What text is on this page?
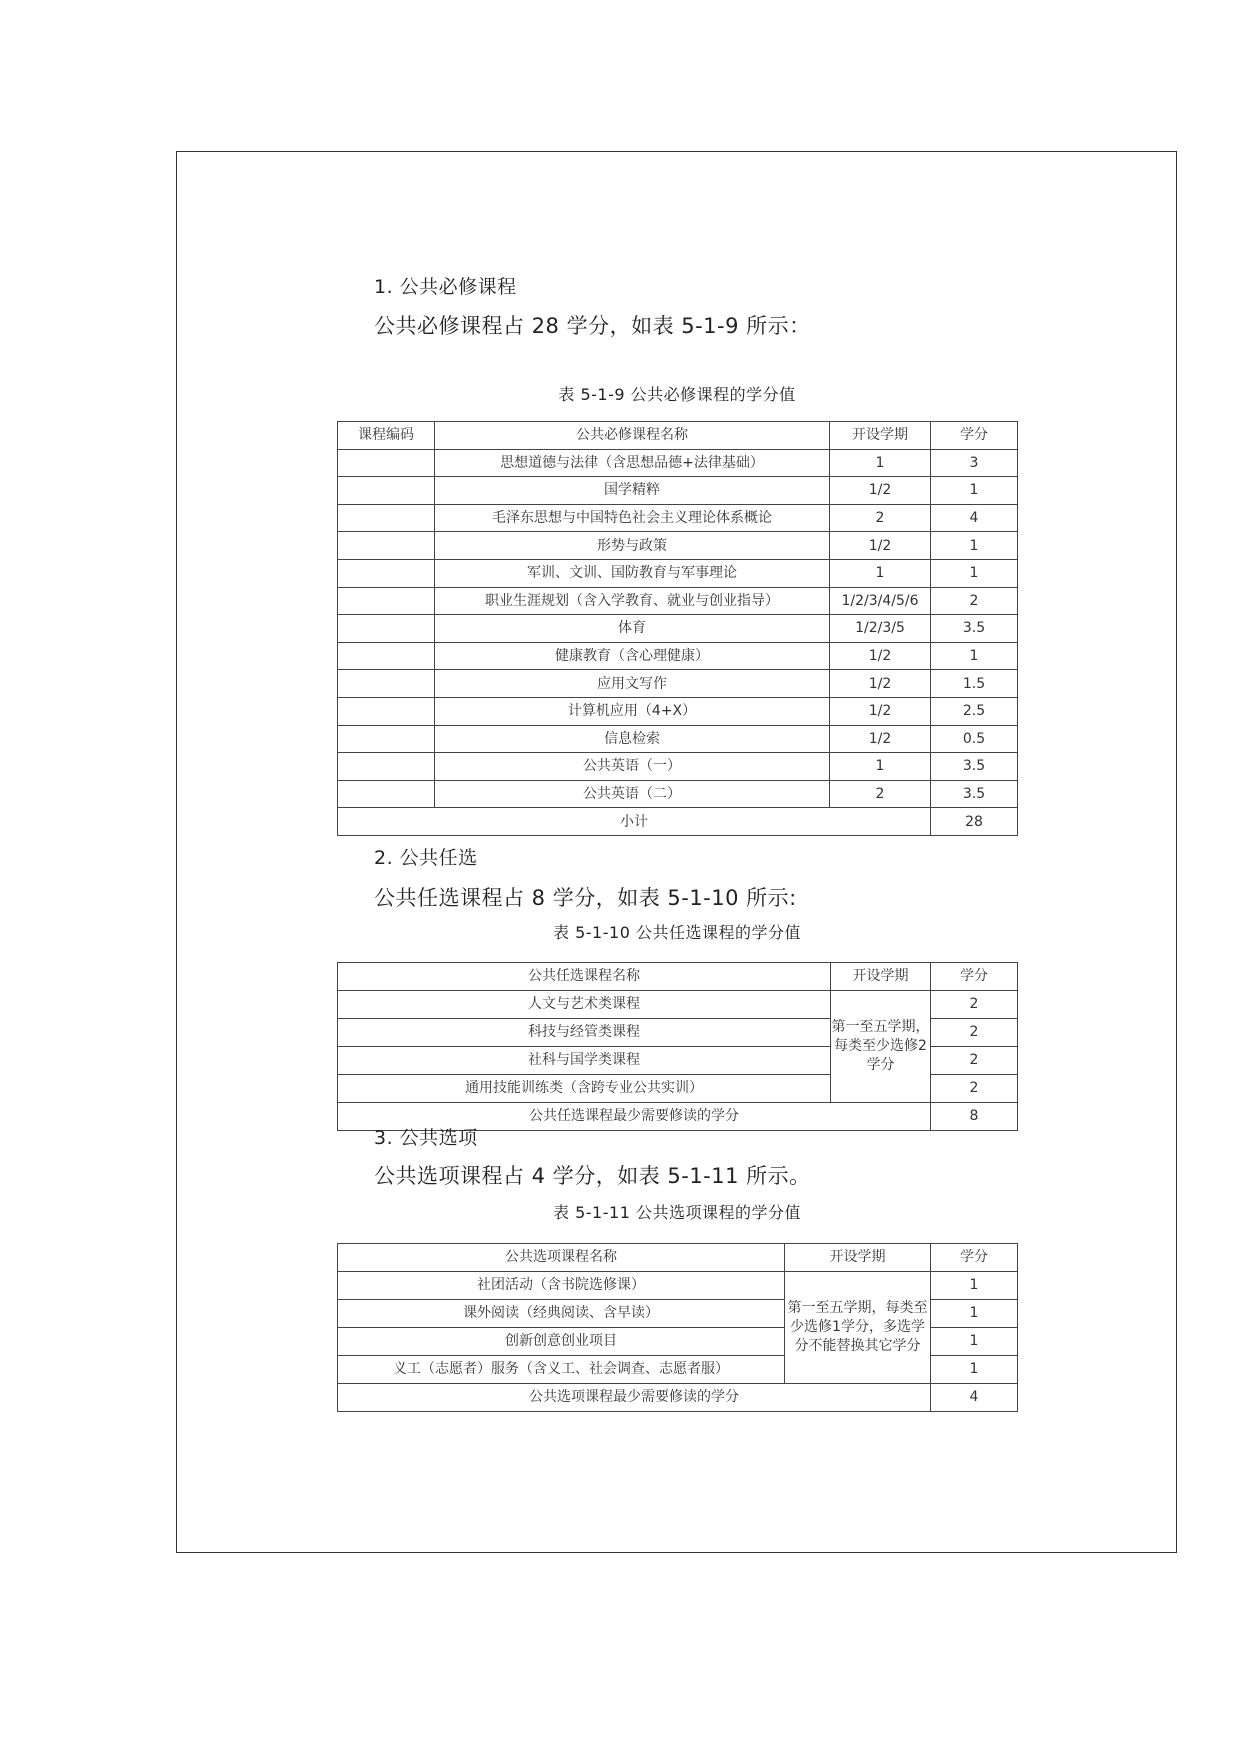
1. 公共必修课程
公共必修课程占 28 学分，如表 5-1-9 所示：
表 5-1-9 公共必修课程的学分值
课程编码	公共必修课程名称	开设学期	学分
	思想道德与法律（含思想品德+法律基础）	1	3
	国学精粹	1/2	1
	毛泽东思想与中国特色社会主义理论体系概论	2	4
	形势与政策	1/2	1
	军训、文训、国防教育与军事理论	1	1
	职业生涯规划（含入学教育、就业与创业指导）	1/2/3/4/5/6	2
	体育	1/2/3/5	3.5
	健康教育（含心理健康）	1/2	1
	应用文写作	1/2	1.5
	计算机应用（4+X）	1/2	2.5
	信息检索	1/2	0.5
	公共英语（一）	1	3.5
	公共英语（二）	2	3.5
小计			28
2. 公共任选
公共任选课程占 8 学分，如表 5-1-10 所示:
表 5-1-10 公共任选课程的学分值
公共任选课程名称	开设学期	学分
人文与艺术类课程	第一至五学期，每类至少选修2学分	2
科技与经管类课程		2
社科与国学类课程		2
通用技能训练类（含跨专业公共实训）		2
公共任选课程最少需要修读的学分		8
3. 公共选项
公共选项课程占 4 学分，如表 5-1-11 所示。
表 5-1-11 公共选项课程的学分值
公共选项课程名称	开设学期	学分
社团活动（含书院选修课）	第一至五学期，每类至少选修1学分，多选学分不能替换其它学分	1
课外阅读（经典阅读、含早读）		1
创新创意创业项目		1
义工（志愿者）服务（含义工、社会调查、志愿者服）		1
公共选项课程最少需要修读的学分		4
